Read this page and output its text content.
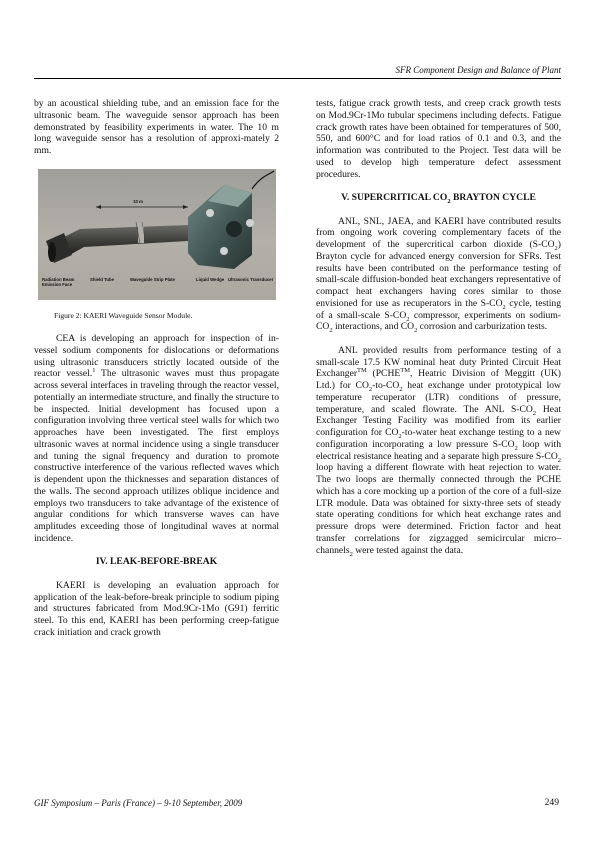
SFR Component Design and Balance of Plant

by an acoustical shielding tube, and an emission face for the ultrasonic beam. The waveguide sensor approach has been demonstrated by feasibility experiments in water. The 10 m long waveguide sensor has a resolution of approxi-mately 2 mm.

10 m
Radiation Beam
Emission Face
Shield Tube	Waveguide Strip Plate	Liquid Wedge Ultrasonic Transducer

Figure 2: KAERI Waveguide Sensor Module.

CEA is developing an approach for inspection of in-vessel sodium components for dislocations or deformations using ultrasonic transducers strictly located outside of the reactor vessel.$^1$ The ultrasonic waves must thus propagate across several interfaces in traveling through the reactor vessel, potentially an intermediate structure, and finally the structure to be inspected. Initial development has focused upon a configuration involving three vertical steel walls for which two approaches have been investigated. The first employs ultrasonic waves at normal incidence using a single transducer and tuning the signal frequency and duration to promote constructive interference of the various reflected waves which is dependent upon the thicknesses and separation distances of the walls. The second approach utilizes oblique incidence and employs two transducers to take advantage of the existence of angular conditions for which transverse waves can have amplitudes exceeding those of longitudinal waves at normal incidence.

IV. LEAK-BEFORE-BREAK

KAERI is developing an evaluation approach for application of the leak-before-break principle to sodium piping and structures fabricated from Mod.9Cr-1Mo (G91) ferritic steel. To this end, KAERI has been performing creep-fatigue crack initiation and crack growth

tests, fatigue crack growth tests, and creep crack growth tests on Mod.9Cr-1Mo tubular specimens including defects. Fatigue crack growth rates have been obtained for temperatures of 500, 550, and 600°C and for load ratios of 0.1 and 0.3, and the information was contributed to the Project. Test data will be used to develop high temperature defect assessment procedures.

V. SUPERCRITICAL $CO_2$ BRAYTON CYCLE

ANL, SNL, JAEA, and KAERI have contributed results from ongoing work covering complementary facets of the development of the supercritical carbon dioxide $(S-CO_2)$ Brayton cycle for advanced energy conversion for SFRs. Test results have been contributed on the performance testing of small-scale diffusion-bonded heat exchangers representative of compact heat exchangers having cores similar to those envisioned for use as recuperators in the $S-CO_2$ cycle, testing of a small-scale $S-CO_2$ compressor, experiments on sodium-$CO_2$ interactions, and $CO_2$ corrosion and carburization tests.

ANL provided results from performance testing of a small-scale 17.5 KW nominal heat duty Printed Circuit Heat Exchanger™ (PCHE™, Heatric Division of Meggitt (UK) Ltd.) for $CO_2-to-CO_2$ heat exchange under prototypical low temperature recuperator (LTR) conditions of pressure, temperature, and scaled flowrate. The ANL $S-CO_2$ Heat Exchanger Testing Facility was modified from its earlier configuration for $CO_2-to$-water heat exchange testing to a new configuration incorporating a low pressure $S-CO_2$ loop with electrical resistance heating and a separate high pressure $S-CO_2$ loop having a different flowrate with heat rejection to water. The two loops are thermally connected through the PCHE which has a core mocking up a portion of the core of a full-size LTR module. Data was obtained for sixty-three sets of steady state operating conditions for which heat exchange rates and pressure drops were determined. Friction factor and heat transfer correlations for zigzagged semicircular micro–channels$_2$ were tested against the data.

GIF Symposium – Paris (France) – 9-10 September, 2009	249
